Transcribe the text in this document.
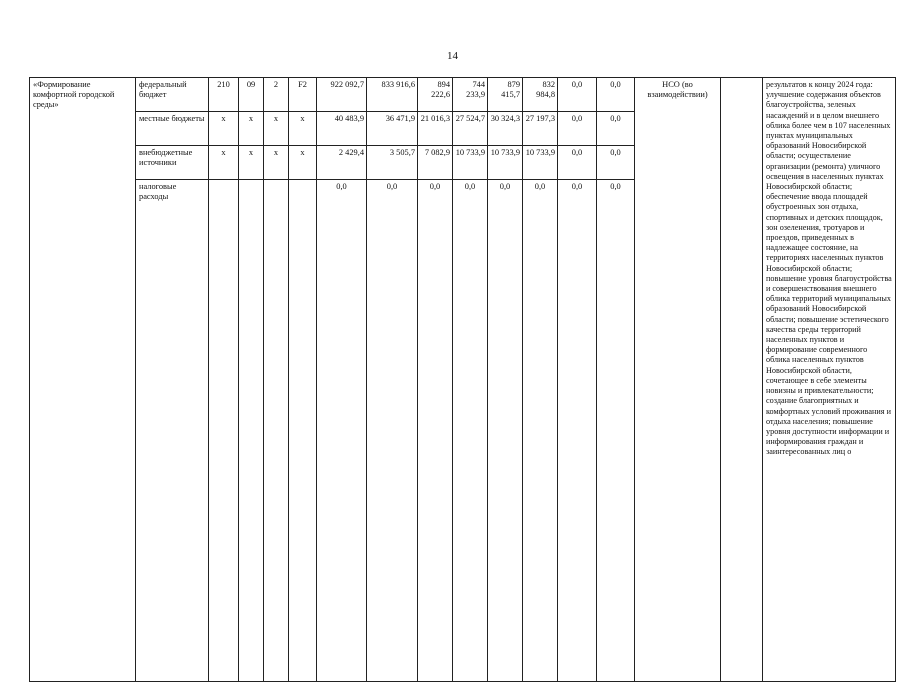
14
«Формирование комфортной городской среды»	федеральный бюджет	210	09	2	F2	922 092,7	833 916,6	894 222,6	744 233,9	879 415,7	832 984,8	0,0	0,0	НСО (во взаимодействии)		результатов к концу 2024 года: улучшение содержания объектов благоустройства, зеленых насаждений и в целом внешнего облика более чем в 107 населенных пунктах муниципальных образований Новосибирской области; осуществление организации (ремонта) уличного освещения в населенных пунктах Новосибирской области; обеспечение ввода площадей обустроенных зон отдыха, спортивных и детских площадок, зон озеленения, тротуаров и проездов, приведенных в надлежащее состояние, на территориях населенных пунктов Новосибирской области; повышение уровня благоустройства и совершенствования внешнего облика территорий муниципальных образований Новосибирской области; повышение эстетического качества среды территорий населенных пунктов и формирование современного облика населенных пунктов Новосибирской области, сочетающее в себе элементы новизны и привлекательности; создание благоприятных и комфортных условий проживания и отдыха населения; повышение уровня доступности информации и информирования граждан и заинтересованных лиц о
	местные бюджеты	х	х	х	х	40 483,9	36 471,9	21 016,3	27 524,7	30 324,3	27 197,3	0,0	0,0			
	внебюджетные источники	х	х	х	х	2 429,4	3 505,7	7 082,9	10 733,9	10 733,9	10 733,9	0,0	0,0			
	налоговые расходы					0,0	0,0	0,0	0,0	0,0	0,0	0,0	0,0			
